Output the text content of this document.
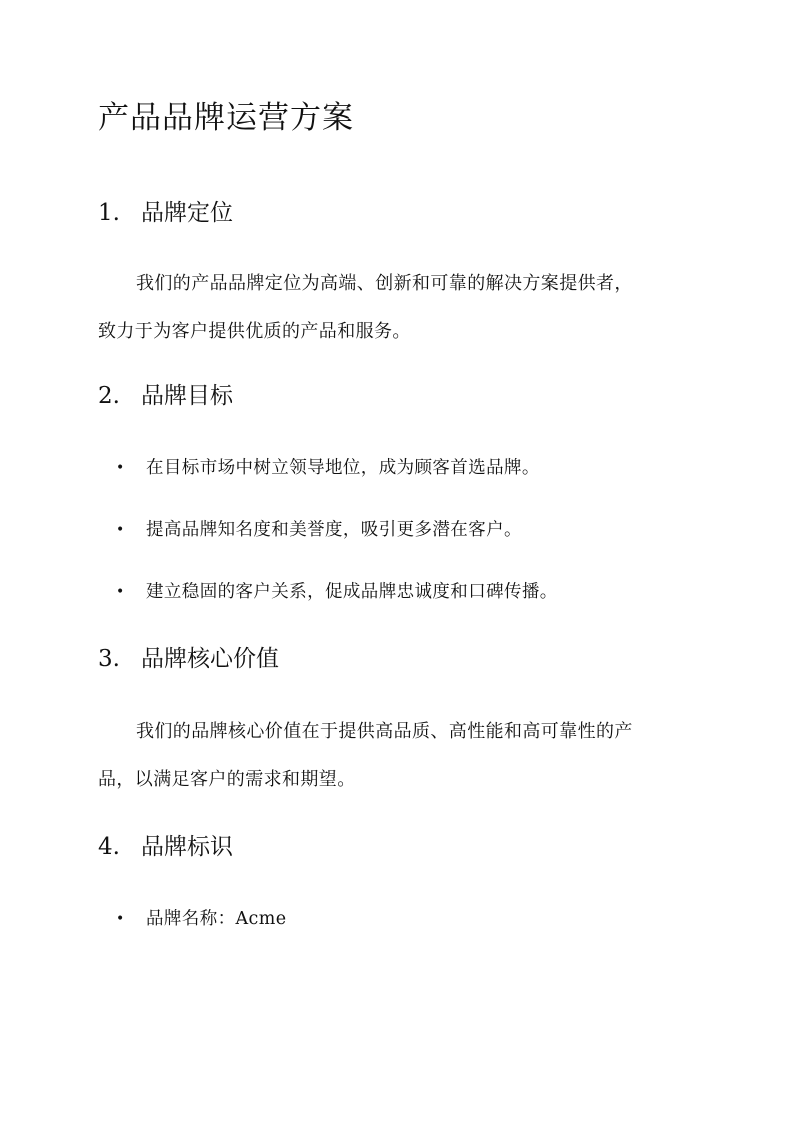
产品品牌运营方案
1. 品牌定位

我们的产品品牌定位为高端、创新和可靠的解决方案提供者，

致力于为客户提供优质的产品和服务。

2. 品牌目标

• 在目标市场中树立领导地位，成为顾客首选品牌。

• 提高品牌知名度和美誉度，吸引更多潜在客户。

• 建立稳固的客户关系，促成品牌忠诚度和口碑传播。

3. 品牌核心价值

我们的品牌核心价值在于提供高品质、高性能和高可靠性的产

品，以满足客户的需求和期望。

4. 品牌标识

• 品牌名称：Acme
